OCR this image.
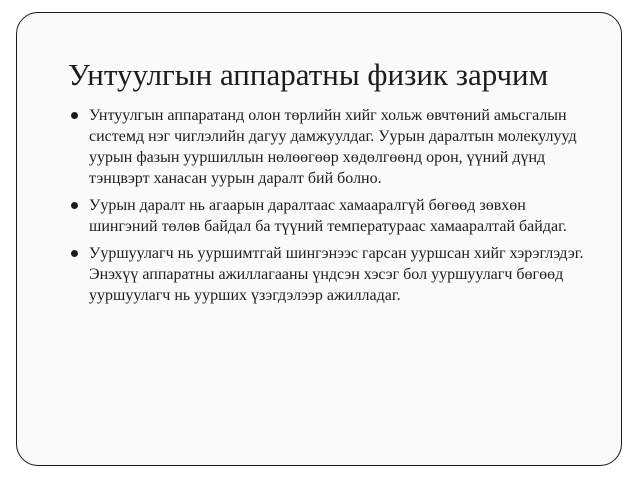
Унтуулгын аппаратны физик зарчим
Унтуулгын аппаратанд олон төрлийн хийг хольж өвчтөний амьсгалын системд нэг чиглэлийн дагуу дамжуулдаг. Уурын даралтын молекулууд уурын фазын ууршиллын нөлөөгөөр хөдөлгөөнд орон, үүний дүнд тэнцвэрт ханасан уурын даралт бий болно.
Уурын даралт нь агаарын даралтаас хамааралгүй бөгөөд зөвхөн шингэний төлөв байдал ба түүний температураас хамааралтай байдаг.
Ууршуулагч нь ууршимтгай шингэнээс гарсан ууршсан хийг хэрэглэдэг. Энэхүү аппаратны ажиллагааны үндсэн хэсэг бол ууршуулагч бөгөөд ууршуулагч нь уурших үзэгдэлээр ажилладаг.
